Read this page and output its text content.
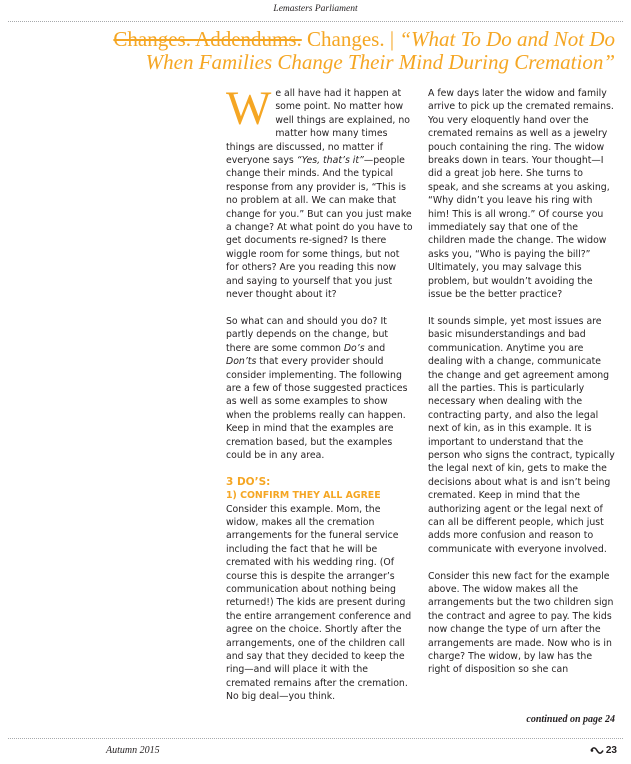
Lemasters Parliament
Changes. Addendums. Changes. | “What To Do and Not Do
When Families Change Their Mind During Cremation”

We all have had it happen at some point. No matter how well things are explained, no matter how many times things are discussed, no matter if everyone says “Yes, that’s it”—people change their minds. And the typical response from any provider is, “This is no problem at all. We can make that change for you.” But can you just make a change? At what point do you have to get documents re-signed? Is there wiggle room for some things, but not for others? Are you reading this now and saying to yourself that you just never thought about it?

So what can and should you do? It partly depends on the change, but there are some common Do’s and Don’ts that every provider should consider implementing. The following are a few of those suggested practices as well as some examples to show when the problems really can happen. Keep in mind that the examples are cremation based, but the examples could be in any area.

3 DO’S:

1) CONFIRM THEY ALL AGREE

Consider this example. Mom, the widow, makes all the cremation arrangements for the funeral service including the fact that he will be cremated with his wedding ring. (Of course this is despite the arranger’s communication about nothing being returned!) The kids are present during the entire arrangement conference and agree on the choice. Shortly after the arrangements, one of the children call and say that they decided to keep the ring—and will place it with the cremated remains after the cremation. No big deal—you think.

A few days later the widow and family arrive to pick up the cremated remains. You very eloquently hand over the cremated remains as well as a jewelry pouch containing the ring. The widow breaks down in tears. Your thought—I did a great job here. She turns to speak, and she screams at you asking, “Why didn’t you leave his ring with him! This is all wrong.” Of course you immediately say that one of the children made the change. The widow asks you, “Who is paying the bill?” Ultimately, you may salvage this problem, but wouldn’t avoiding the issue be the better practice?

It sounds simple, yet most issues are basic misunderstandings and bad communication. Anytime you are dealing with a change, communicate the change and get agreement among all the parties. This is particularly necessary when dealing with the contracting party, and also the legal next of kin, as in this example. It is important to understand that the person who signs the contract, typically the legal next of kin, gets to make the decisions about what is and isn’t being cremated. Keep in mind that the authorizing agent or the legal next of can all be different people, which just adds more confusion and reason to communicate with everyone involved.

Consider this new fact for the example above. The widow makes all the arrangements but the two children sign the contract and agree to pay. The kids now change the type of urn after the arrangements are made. Now who is in charge? The widow, by law has the right of disposition so she can

continued on page 24
Autumn 2015	23
